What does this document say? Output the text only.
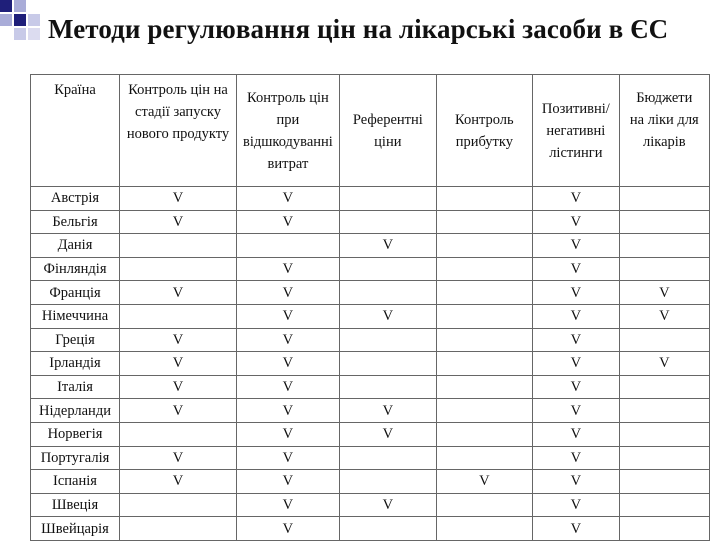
Методи регулювання цін на лікарські засоби в ЄС
Країна	Контроль цін на стадії запуску нового продукту	Контроль цін при відшкодуванні витрат	Референтні ціни	Контроль прибутку	Позитивні/ негативні лістинги	Бюджети на ліки для лікарів

Австрія	V	V			V	
Бельгія	V	V			V	
Данія			V		V	
Фінляндія		V			V	
Франція	V	V			V	V
Німеччина		V	V		V	V
Греція	V	V			V	
Ірландія	V	V			V	V
Італія	V	V			V	
Нідерланди	V	V	V		V	
Норвегія		V	V		V	
Португалія	V	V			V	
Іспанія	V	V		V	V	
Швеція		V	V		V	
Швейцарія		V			V	
